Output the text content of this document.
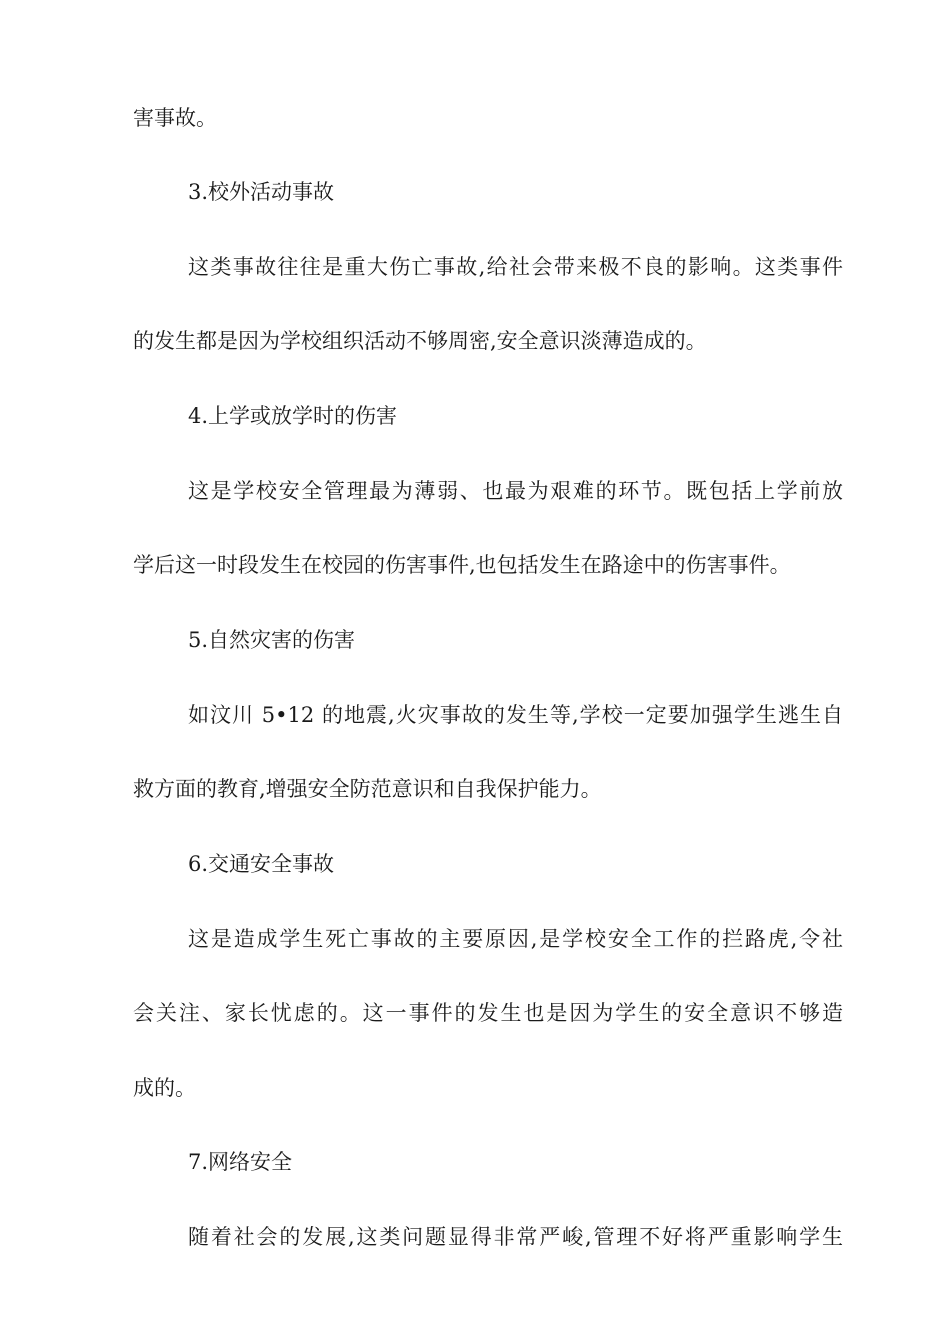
害事故。
3.校外活动事故
这类事故往往是重大伤亡事故,给社会带来极不良的影响。这类事件
的发生都是因为学校组织活动不够周密,安全意识淡薄造成的。
4.上学或放学时的伤害
这是学校安全管理最为薄弱、也最为艰难的环节。既包括上学前放
学后这一时段发生在校园的伤害事件,也包括发生在路途中的伤害事件。
5.自然灾害的伤害
如汶川 5•12 的地震,火灾事故的发生等,学校一定要加强学生逃生自
救方面的教育,增强安全防范意识和自我保护能力。
6.交通安全事故
这是造成学生死亡事故的主要原因,是学校安全工作的拦路虎,令社
会关注、家长忧虑的。这一事件的发生也是因为学生的安全意识不够造
成的。
7.网络安全
随着社会的发展,这类问题显得非常严峻,管理不好将严重影响学生
